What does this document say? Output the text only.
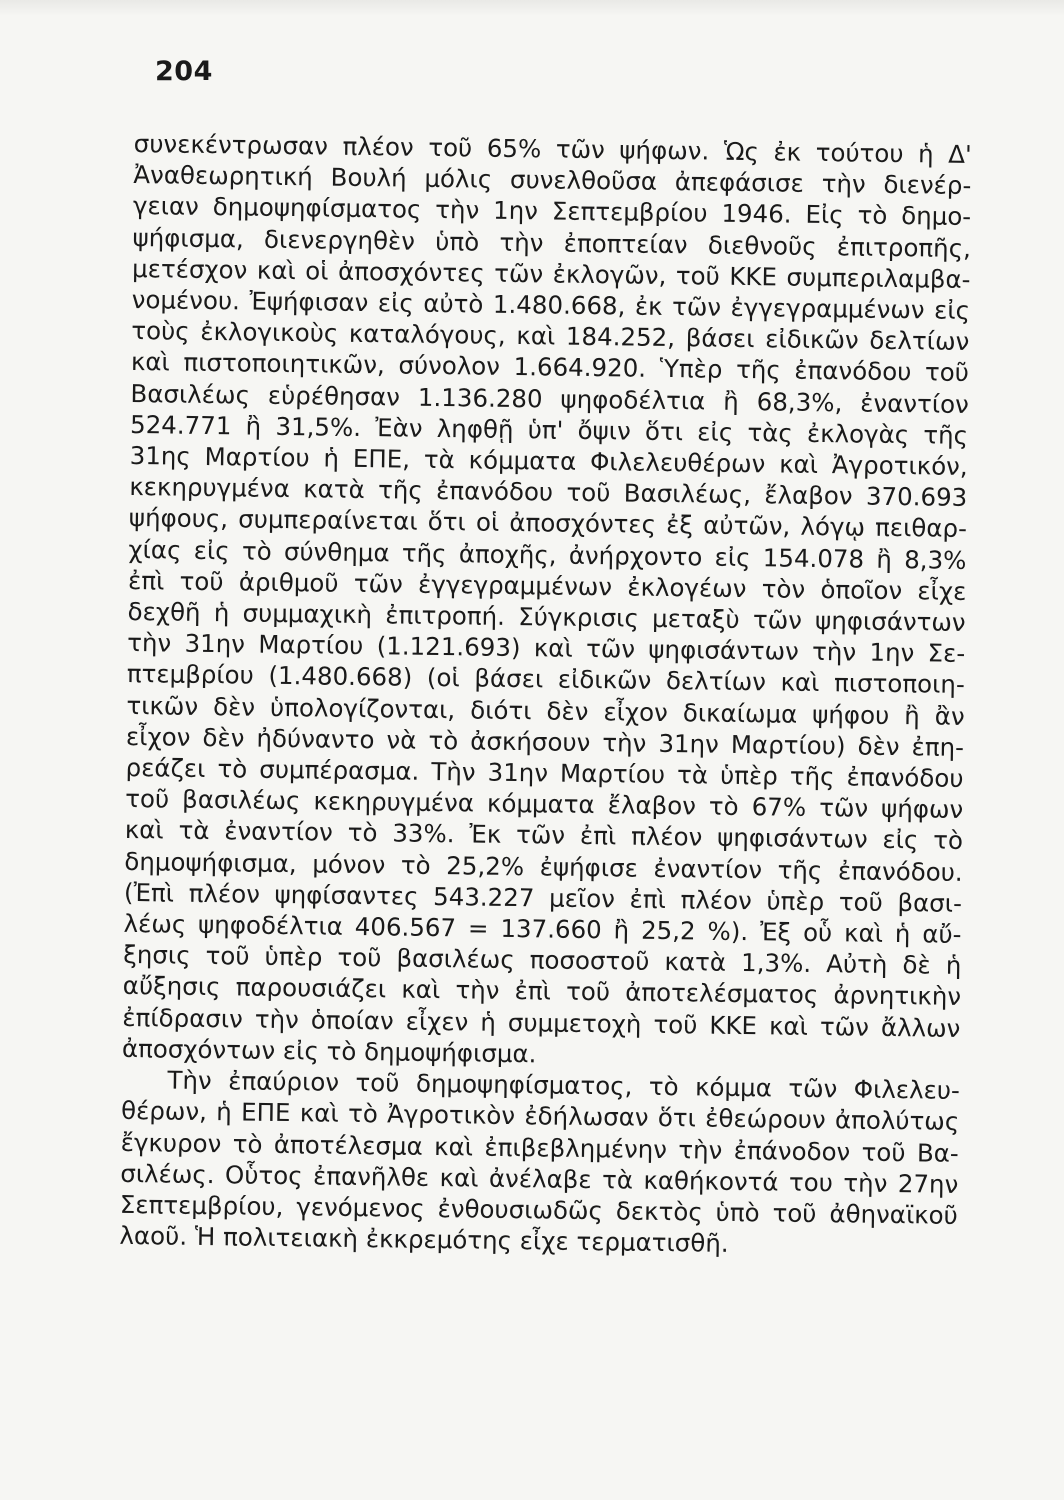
204
συνεκέντρωσαν πλέον τοῦ 65% τῶν ψήφων. Ὡς ἐκ τούτου ἡ Δ'
Ἀναθεωρητική Βουλή μόλις συνελθοῦσα ἀπεφάσισε τὴν διενέρ-
γειαν δημοψηφίσματος τὴν 1ην Σεπτεμβρίου 1946. Εἰς τὸ δημο-
ψήφισμα, διενεργηθὲν ὑπὸ τὴν ἐποπτείαν διεθνοῦς ἐπιτροπῆς,
μετέσχον καὶ οἱ ἀποσχόντες τῶν ἐκλογῶν, τοῦ ΚΚΕ συμπεριλαμβα-
νομένου. Ἐψήφισαν εἰς αὐτὸ 1.480.668, ἐκ τῶν ἐγγεγραμμένων εἰς
τοὺς ἐκλογικοὺς καταλόγους, καὶ 184.252, βάσει εἰδικῶν δελτίων
καὶ πιστοποιητικῶν, σύνολον 1.664.920. Ὑπὲρ τῆς ἐπανόδου τοῦ
Βασιλέως εὑρέθησαν 1.136.280 ψηφοδέλτια ἢ 68,3%, ἐναντίον
524.771 ἢ 31,5%. Ἐὰν ληφθῇ ὑπ' ὄψιν ὅτι εἰς τὰς ἐκλογὰς τῆς
31ης Μαρτίου ἡ ΕΠΕ, τὰ κόμματα Φιλελευθέρων καὶ Ἀγροτικόν,
κεκηρυγμένα κατὰ τῆς ἐπανόδου τοῦ Βασιλέως, ἔλαβον 370.693
ψήφους, συμπεραίνεται ὅτι οἱ ἀποσχόντες ἐξ αὐτῶν, λόγῳ πειθαρ-
χίας εἰς τὸ σύνθημα τῆς ἀποχῆς, ἀνήρχοντο εἰς 154.078 ἢ 8,3%
ἐπὶ τοῦ ἀριθμοῦ τῶν ἐγγεγραμμένων ἐκλογέων τὸν ὁποῖον εἶχε
δεχθῆ ἡ συμμαχικὴ ἐπιτροπή. Σύγκρισις μεταξὺ τῶν ψηφισάντων
τὴν 31ην Μαρτίου (1.121.693) καὶ τῶν ψηφισάντων τὴν 1ην Σε-
πτεμβρίου (1.480.668) (οἱ βάσει εἰδικῶν δελτίων καὶ πιστοποιη-
τικῶν δὲν ὑπολογίζονται, διότι δὲν εἶχον δικαίωμα ψήφου ἢ ἂν
εἶχον δὲν ἠδύναντο νὰ τὸ ἀσκήσουν τὴν 31ην Μαρτίου) δὲν ἐπη-
ρεάζει τὸ συμπέρασμα. Τὴν 31ην Μαρτίου τὰ ὑπὲρ τῆς ἐπανόδου
τοῦ βασιλέως κεκηρυγμένα κόμματα ἔλαβον τὸ 67% τῶν ψήφων
καὶ τὰ ἐναντίον τὸ 33%. Ἐκ τῶν ἐπὶ πλέον ψηφισάντων εἰς τὸ
δημοψήφισμα, μόνον τὸ 25,2% ἐψήφισε ἐναντίον τῆς ἐπανόδου.
(Ἐπὶ πλέον ψηφίσαντες 543.227 μεῖον ἐπὶ πλέον ὑπὲρ τοῦ βασι-
λέως ψηφοδέλτια 406.567 = 137.660 ἢ 25,2 %). Ἐξ οὗ καὶ ἡ αὔ-
ξησις τοῦ ὑπὲρ τοῦ βασιλέως ποσοστοῦ κατὰ 1,3%. Αὐτὴ δὲ ἡ
αὔξησις παρουσιάζει καὶ τὴν ἐπὶ τοῦ ἀποτελέσματος ἀρνητικὴν
ἐπίδρασιν τὴν ὁποίαν εἶχεν ἡ συμμετοχὴ τοῦ ΚΚΕ καὶ τῶν ἄλλων
ἀποσχόντων εἰς τὸ δημοψήφισμα.
Τὴν ἐπαύριον τοῦ δημοψηφίσματος, τὸ κόμμα τῶν Φιλελευ-
θέρων, ἡ ΕΠΕ καὶ τὸ Ἀγροτικὸν ἐδήλωσαν ὅτι ἐθεώρουν ἀπολύτως
ἔγκυρον τὸ ἀποτέλεσμα καὶ ἐπιβεβλημένην τὴν ἐπάνοδον τοῦ Βα-
σιλέως. Οὗτος ἐπανῆλθε καὶ ἀνέλαβε τὰ καθήκοντά του τὴν 27ην
Σεπτεμβρίου, γενόμενος ἐνθουσιωδῶς δεκτὸς ὑπὸ τοῦ ἀθηναϊκοῦ
λαοῦ. Ἡ πολιτειακὴ ἐκκρεμότης εἶχε τερματισθῆ.
